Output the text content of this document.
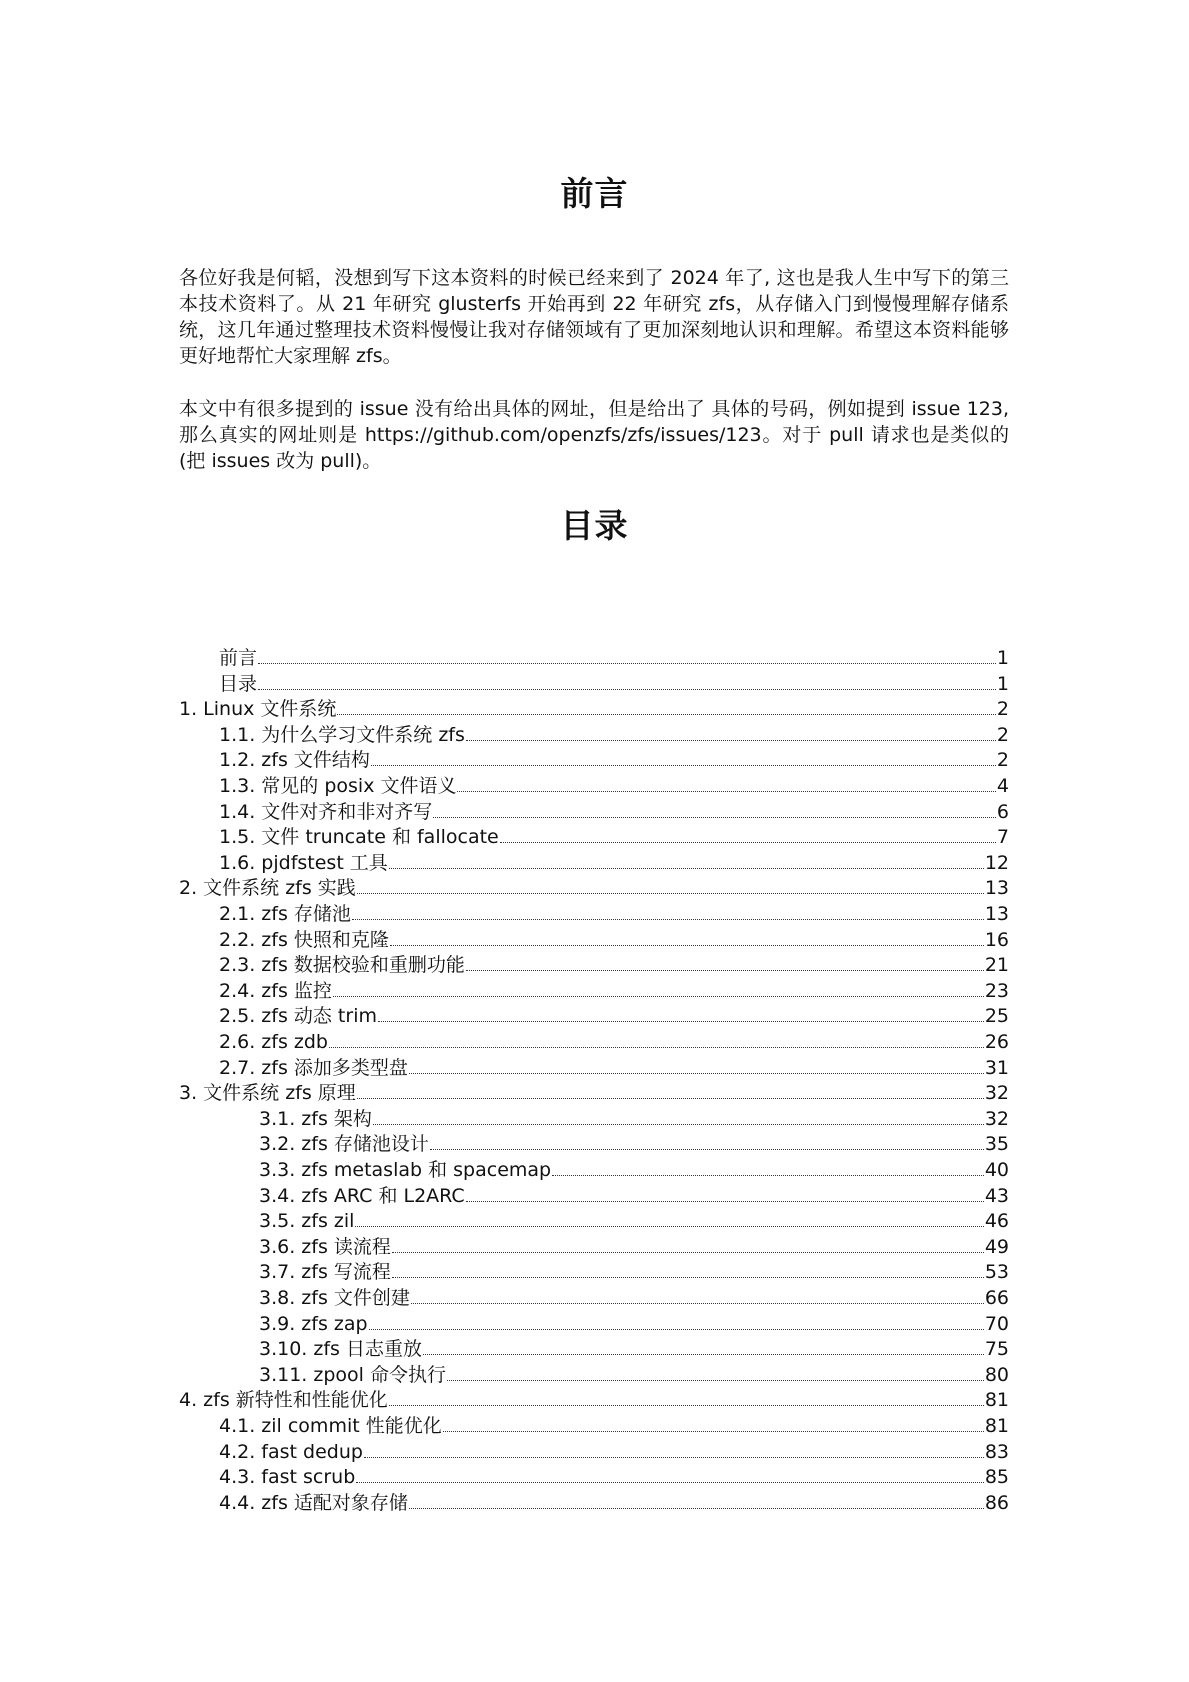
前言

各位好我是何韬，没想到写下这本资料的时候已经来到了 2024 年了, 这也是我人生中写下的第三本技术资料了。从 21 年研究 glusterfs 开始再到 22 年研究 zfs，从存储入门到慢慢理解存储系统，这几年通过整理技术资料慢慢让我对存储领域有了更加深刻地认识和理解。希望这本资料能够更好地帮忙大家理解 zfs。

本文中有很多提到的 issue 没有给出具体的网址，但是给出了 具体的号码，例如提到 issue 123,那么真实的网址则是 https://github.com/openzfs/zfs/issues/123。对于 pull 请求也是类似的(把 issues 改为 pull)。

目录
前言	1
目录	1
1. Linux 文件系统	2
1.1. 为什么学习文件系统 zfs	2
1.2. zfs 文件结构	2
1.3. 常见的 posix 文件语义	4
1.4. 文件对齐和非对齐写	6
1.5. 文件 truncate 和 fallocate	7
1.6. pjdfstest 工具	12
2. 文件系统 zfs 实践	13
2.1. zfs 存储池	13
2.2. zfs 快照和克隆	16
2.3. zfs 数据校验和重删功能	21
2.4. zfs 监控	23
2.5. zfs 动态 trim	25
2.6. zfs zdb	26
2.7. zfs 添加多类型盘	31
3. 文件系统 zfs 原理	32
3.1. zfs 架构	32
3.2. zfs 存储池设计	35
3.3. zfs metaslab 和 spacemap	40
3.4. zfs ARC 和 L2ARC	43
3.5. zfs zil	46
3.6. zfs 读流程	49
3.7. zfs 写流程	53
3.8. zfs 文件创建	66
3.9. zfs zap	70
3.10. zfs 日志重放	75
3.11. zpool 命令执行	80
4. zfs 新特性和性能优化	81
4.1. zil commit 性能优化	81
4.2. fast dedup	83
4.3. fast scrub	85
4.4. zfs 适配对象存储	86
